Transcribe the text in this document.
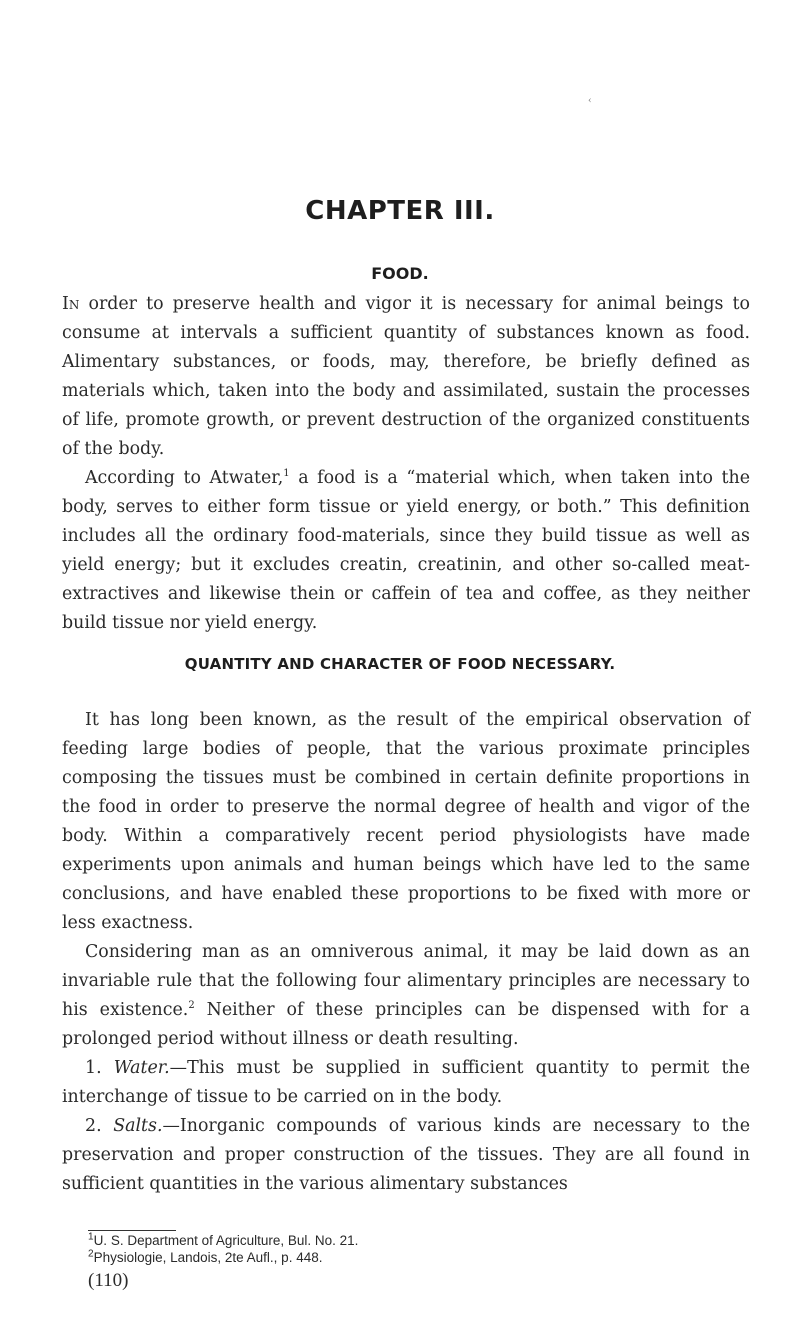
‹
CHAPTER III.
FOOD.

In order to preserve health and vigor it is necessary for animal beings to consume at intervals a sufficient quantity of substances known as food. Alimentary substances, or foods, may, therefore, be briefly defined as materials which, taken into the body and assimilated, sustain the processes of life, promote growth, or prevent destruction of the organized constituents of the body.

According to Atwater,$^1$ a food is a “material which, when taken into the body, serves to either form tissue or yield energy, or both.” This definition includes all the ordinary food-materials, since they build tissue as well as yield energy; but it excludes creatin, creatinin, and other so-called meat-extractives and likewise thein or caffein of tea and coffee, as they neither build tissue nor yield energy.

QUANTITY AND CHARACTER OF FOOD NECESSARY.

It has long been known, as the result of the empirical observation of feeding large bodies of people, that the various proximate principles composing the tissues must be combined in certain definite proportions in the food in order to preserve the normal degree of health and vigor of the body. Within a comparatively recent period physiologists have made experiments upon animals and human beings which have led to the same conclusions, and have enabled these proportions to be fixed with more or less exactness.

Considering man as an omniverous animal, it may be laid down as an invariable rule that the following four alimentary principles are necessary to his existence.$^2$ Neither of these principles can be dispensed with for a prolonged period without illness or death resulting.

1. Water.—This must be supplied in sufficient quantity to permit the interchange of tissue to be carried on in the body.

2. Salts.—Inorganic compounds of various kinds are necessary to the preservation and proper construction of the tissues. They are all found in sufficient quantities in the various alimentary substances

$^1$U. S. Department of Agriculture, Bul. No. 21.
$^2$Physiologie, Landois, 2te Aufl., p. 448.
(110)
